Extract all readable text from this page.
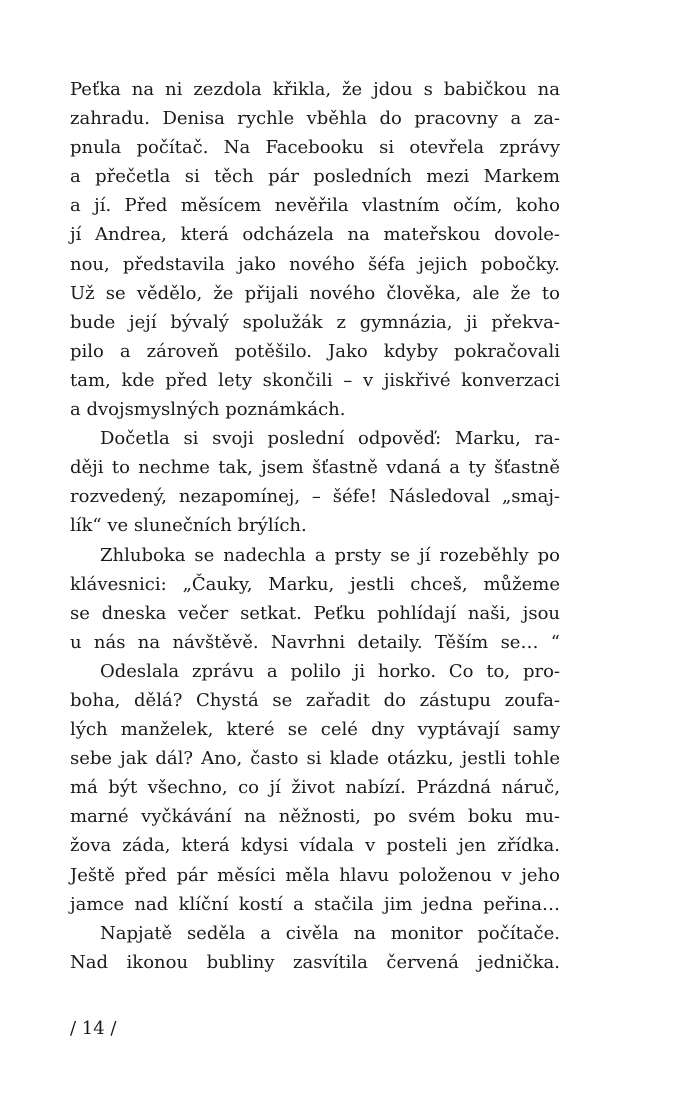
Peťka na ni zezdola křikla, že jdou s babičkou na
zahradu. Denisa rychle vběhla do pracovny a za-
pnula počítač. Na Facebooku si otevřela zprávy
a přečetla si těch pár posledních mezi Markem
a jí. Před měsícem nevěřila vlastním očím, koho
jí Andrea, která odcházela na mateřskou dovole-
nou, představila jako nového šéfa jejich pobočky.
Už se vědělo, že přijali nového člověka, ale že to
bude její bývalý spolužák z gymnázia, ji překva-
pilo a zároveň potěšilo. Jako kdyby pokračovali
tam, kde před lety skončili – v jiskřivé konverzaci
a dvojsmyslných poznámkách.
Dočetla si svoji poslední odpověď: Marku, ra-
ději to nechme tak, jsem šťastně vdaná a ty šťastně
rozvedený, nezapomínej, – šéfe! Následoval „smaj-
lík“ ve slunečních brýlích.
Zhluboka se nadechla a prsty se jí rozeběhly po
klávesnici: „Čauky, Marku, jestli chceš, můžeme
se dneska večer setkat. Peťku pohlídají naši, jsou
u nás na návštěvě. Navrhni detaily. Těším se… “
Odeslala zprávu a polilo ji horko. Co to, pro-
boha, dělá? Chystá se zařadit do zástupu zoufa-
lých manželek, které se celé dny vyptávají samy
sebe jak dál? Ano, často si klade otázku, jestli tohle
má být všechno, co jí život nabízí. Prázdná náruč,
marné vyčkávání na něžnosti, po svém boku mu-
žova záda, která kdysi vídala v posteli jen zřídka.
Ještě před pár měsíci měla hlavu položenou v jeho
jamce nad klíční kostí a stačila jim jedna peřina…
Napjatě seděla a civěla na monitor počítače.
Nad ikonou bubliny zasvítila červená jednička.
/ 14 /
